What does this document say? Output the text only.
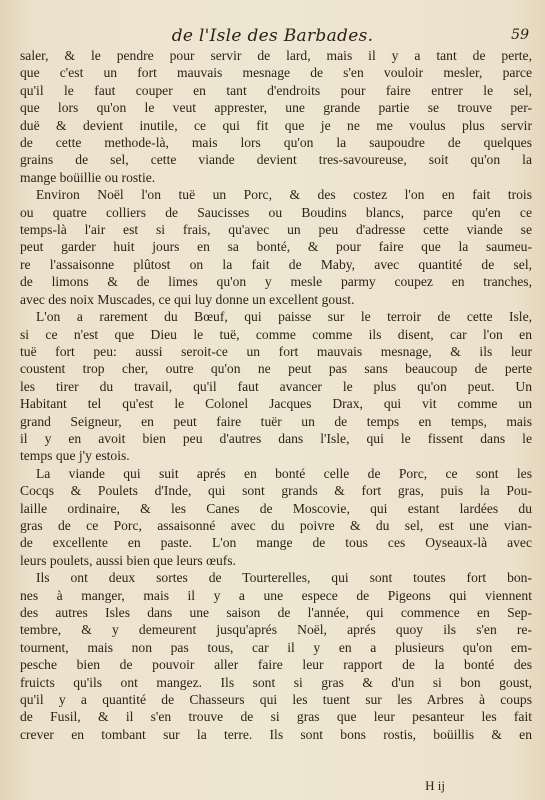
de l'Isle des Barbades.	59
saler, & le pendre pour servir de lard, mais il y a tant de perte,
que c'est un fort mauvais mesnage de s'en vouloir mesler, parce
qu'il le faut couper en tant d'endroits pour faire entrer le sel,
que lors qu'on le veut apprester, une grande partie se trouve per-
duë & devient inutile, ce qui fit que je ne me voulus plus servir
de cette methode-là, mais lors qu'on la saupoudre de quelques
grains de sel, cette viande devient tres-savoureuse, soit qu'on la
mange boüillie ou rostie.
Environ Noël l'on tuë un Porc, & des costez l'on en fait trois
ou quatre colliers de Saucisses ou Boudins blancs, parce qu'en ce
temps-là l'air est si frais, qu'avec un peu d'adresse cette viande se
peut garder huit jours en sa bonté, & pour faire que la saumeu-
re l'assaisonne plûtost on la fait de Maby, avec quantité de sel,
de limons & de limes qu'on y mesle parmy coupez en tranches,
avec des noix Muscades, ce qui luy donne un excellent goust.
L'on a rarement du Bœuf, qui paisse sur le terroir de cette Isle,
si ce n'est que Dieu le tuë, comme comme ils disent, car l'on en
tuë fort peu: aussi seroit-ce un fort mauvais mesnage, & ils leur
coustent trop cher, outre qu'on ne peut pas sans beaucoup de perte
les tirer du travail, qu'il faut avancer le plus qu'on peut. Un
Habitant tel qu'est le Colonel Jacques Drax, qui vit comme un
grand Seigneur, en peut faire tuër un de temps en temps, mais
il y en avoit bien peu d'autres dans l'Isle, qui le fissent dans le
temps que j'y estois.
La viande qui suit aprés en bonté celle de Porc, ce sont les
Cocqs & Poulets d'Inde, qui sont grands & fort gras, puis la Pou-
laille ordinaire, & les Canes de Moscovie, qui estant lardées du
gras de ce Porc, assaisonné avec du poivre & du sel, est une vian-
de excellente en paste. L'on mange de tous ces Oyseaux-là avec
leurs poulets, aussi bien que leurs œufs.
Ils ont deux sortes de Tourterelles, qui sont toutes fort bon-
nes à manger, mais il y a une espece de Pigeons qui viennent
des autres Isles dans une saison de l'année, qui commence en Sep-
tembre, & y demeurent jusqu'aprés Noël, aprés quoy ils s'en re-
tournent, mais non pas tous, car il y en a plusieurs qu'on em-
pesche bien de pouvoir aller faire leur rapport de la bonté des
fruicts qu'ils ont mangez. Ils sont si gras & d'un si bon goust,
qu'il y a quantité de Chasseurs qui les tuent sur les Arbres à coups
de Fusil, & il s'en trouve de si gras que leur pesanteur les fait
crever en tombant sur la terre. Ils sont bons rostis, boüillis & en
H ij
